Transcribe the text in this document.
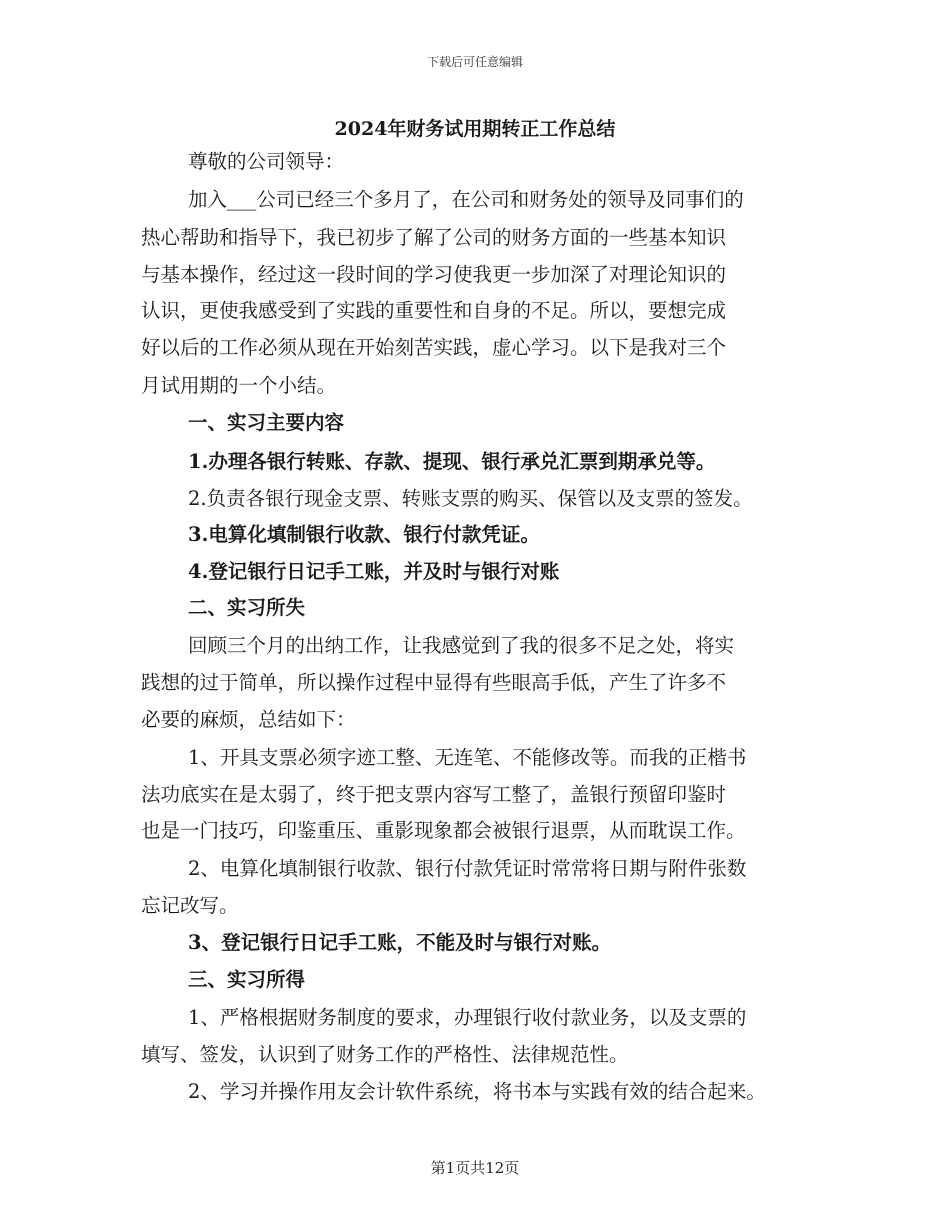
下载后可任意编辑
2024年财务试用期转正工作总结
尊敬的公司领导：
加入___公司已经三个多月了，在公司和财务处的领导及同事们的
热心帮助和指导下，我已初步了解了公司的财务方面的一些基本知识
与基本操作，经过这一段时间的学习使我更一步加深了对理论知识的
认识，更使我感受到了实践的重要性和自身的不足。所以，要想完成
好以后的工作必须从现在开始刻苦实践，虚心学习。以下是我对三个
月试用期的一个小结。
一、实习主要内容
1.办理各银行转账、存款、提现、银行承兑汇票到期承兑等。
2.负责各银行现金支票、转账支票的购买、保管以及支票的签发。
3.电算化填制银行收款、银行付款凭证。
4.登记银行日记手工账，并及时与银行对账
二、实习所失
回顾三个月的出纳工作，让我感觉到了我的很多不足之处，将实
践想的过于简单，所以操作过程中显得有些眼高手低，产生了许多不
必要的麻烦，总结如下：
1、开具支票必须字迹工整、无连笔、不能修改等。而我的正楷书
法功底实在是太弱了，终于把支票内容写工整了，盖银行预留印鉴时
也是一门技巧，印鉴重压、重影现象都会被银行退票，从而耽误工作。
2、电算化填制银行收款、银行付款凭证时常常将日期与附件张数
忘记改写。
3、登记银行日记手工账，不能及时与银行对账。
三、实习所得
1、严格根据财务制度的要求，办理银行收付款业务，以及支票的
填写、签发，认识到了财务工作的严格性、法律规范性。
2、学习并操作用友会计软件系统，将书本与实践有效的结合起来。
第1页共12页
